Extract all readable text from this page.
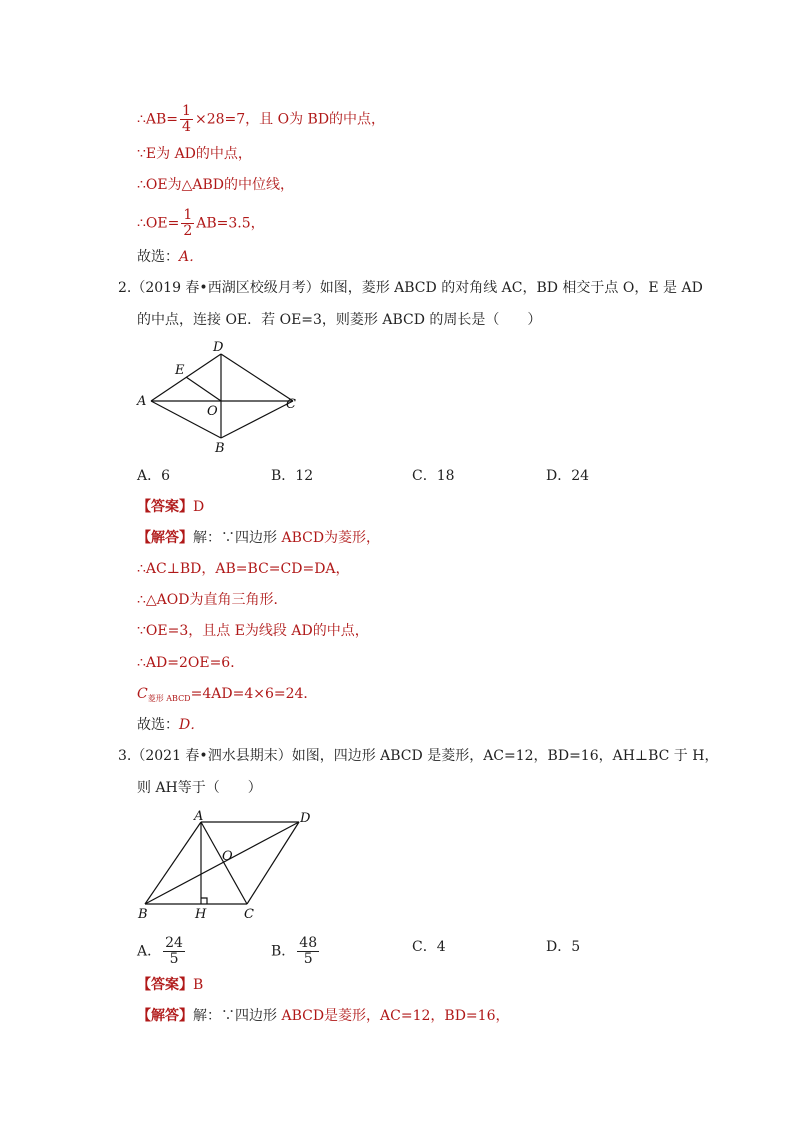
∴AB= $\frac{1}{4} \times 28=7$，且 O为 BD的中点，
∵E为 AD的中点，
∴OE为△ABD的中位线，
∴OE= $\frac{1}{2} AB=3.5$，
故选：A．
2.（2019 春•西湖区校级月考）如图，菱形 ABCD 的对角线 AC，BD 相交于点 O，E 是 AD
的中点，连接 OE．若 OE=3，则菱形 ABCD 的周长是（　　）
D
E
A
O	C
B
A．6	B．12	C．18	D．24
【答案】D
【解答】解：∵四边形 ABCD为菱形，
∴AC⊥BD，AB=BC=CD=DA，
∴△AOD为直角三角形．
∵OE=3，且点 E为线段 AD的中点，
∴AD=2OE=6．
$C_{菱形 ABCD}=4AD=4\times 6=24$．
故选：D．
3.（2021 春•泗水县期末）如图，四边形 ABCD 是菱形，AC=12，BD=16，AH⊥BC 于 H，
则 AH等于（　　）
A	D
O
B	H	C
A． $\frac{24}{5}$	B． $\frac{48}{5}$	C．4	D．5
【答案】B
【解答】解：∵四边形 ABCD是菱形，AC=12，BD=16，
